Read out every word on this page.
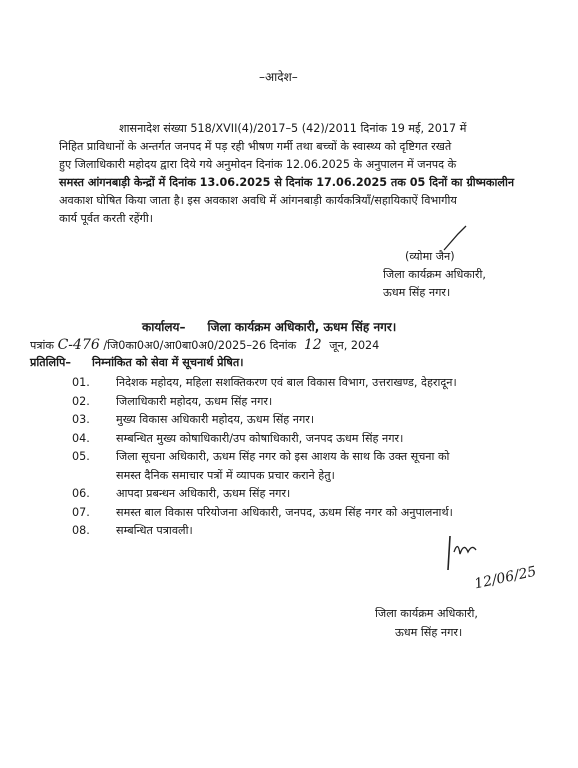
–आदेश–
शासनादेश संख्या 518/XVII(4)/2017–5 (42)/2011 दिनांक 19 मई, 2017 में
निहित प्राविधानों के अन्तर्गत जनपद में पड़ रही भीषण गर्मी तथा बच्चों के स्वास्थ्य को दृष्टिगत रखते
हुए जिलाधिकारी महोदय द्वारा दिये गये अनुमोदन दिनांक 12.06.2025 के अनुपालन में जनपद के
समस्त आंगनबाड़ी केन्द्रों में दिनांक 13.06.2025 से दिनांक 17.06.2025 तक 05 दिनों का ग्रीष्मकालीन
अवकाश घोषित किया जाता है। इस अवकाश अवधि में आंगनबाड़ी कार्यकत्रियाँ/सहायिकाऐं विभागीय
कार्य पूर्वत करती रहेंगी।
(व्योमा जैन)
जिला कार्यक्रम अधिकारी,
ऊधम सिंह नगर।
कार्यालय– जिला कार्यक्रम अधिकारी, ऊधम सिंह नगर।
पत्रांक C-476 /जि0का0अ0/आ0बा0अ0/2025–26 दिनांक 12 जून, 2024
प्रतिलिपि– निम्नांकित को सेवा में सूचनार्थ प्रेषित।
01.	निदेशक महोदय, महिला सशक्तिकरण एवं बाल विकास विभाग, उत्तराखण्ड, देहरादून।
02.	जिलाधिकारी महोदय, ऊधम सिंह नगर।
03.	मुख्य विकास अधिकारी महोदय, ऊधम सिंह नगर।
04.	सम्बन्धित मुख्य कोषाधिकारी/उप कोषाधिकारी, जनपद ऊधम सिंह नगर।
05.	जिला सूचना अधिकारी, ऊधम सिंह नगर को इस आशय के साथ कि उक्त सूचना को
समस्त दैनिक समाचार पत्रों में व्यापक प्रचार कराने हेतु।
06.	आपदा प्रबन्धन अधिकारी, ऊधम सिंह नगर।
07.	समस्त बाल विकास परियोजना अधिकारी, जनपद, ऊधम सिंह नगर को अनुपालनार्थ।
08.	सम्बन्धित पत्रावली।
12/06/25
जिला कार्यक्रम अधिकारी,
ऊधम सिंह नगर।
